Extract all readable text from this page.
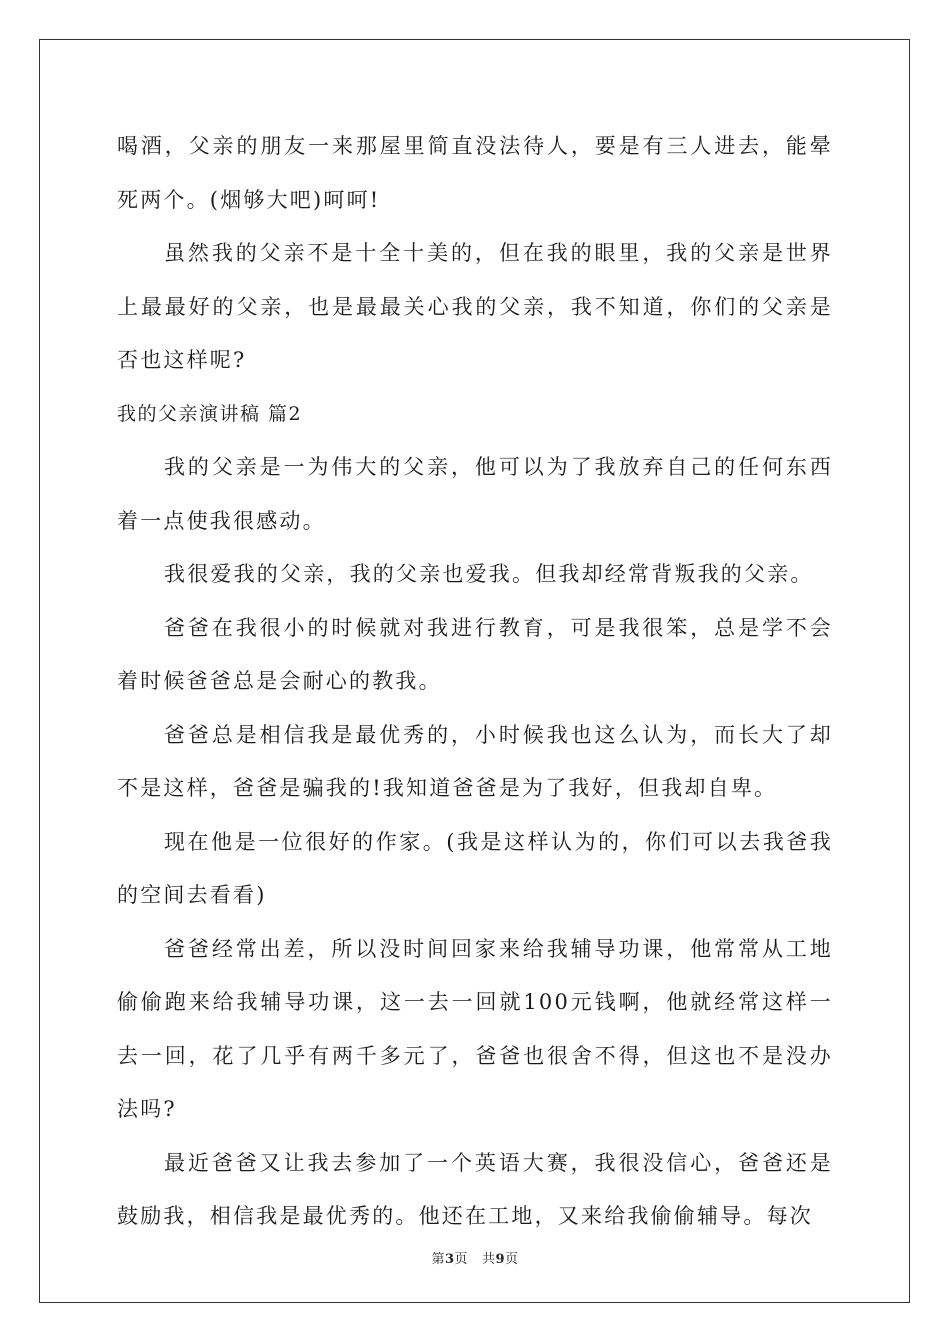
喝酒，父亲的朋友一来那屋里简直没法待人，要是有三人进去，能晕死两个。(烟够大吧)呵呵!

虽然我的父亲不是十全十美的，但在我的眼里，我的父亲是世界上最最好的父亲，也是最最关心我的父亲，我不知道，你们的父亲是否也这样呢?

我的父亲演讲稿 篇2

我的父亲是一为伟大的父亲，他可以为了我放弃自己的任何东西着一点使我很感动。

我很爱我的父亲，我的父亲也爱我。但我却经常背叛我的父亲。

爸爸在我很小的时候就对我进行教育，可是我很笨，总是学不会着时候爸爸总是会耐心的教我。

爸爸总是相信我是最优秀的，小时候我也这么认为，而长大了却不是这样，爸爸是骗我的!我知道爸爸是为了我好，但我却自卑。

现在他是一位很好的作家。(我是这样认为的，你们可以去我爸我的空间去看看)

爸爸经常出差，所以没时间回家来给我辅导功课，他常常从工地偷偷跑来给我辅导功课，这一去一回就100元钱啊，他就经常这样一去一回，花了几乎有两千多元了，爸爸也很舍不得，但这也不是没办法吗?

最近爸爸又让我去参加了一个英语大赛，我很没信心，爸爸还是鼓励我，相信我是最优秀的。他还在工地，又来给我偷偷辅导。每次

第3页 共9页
